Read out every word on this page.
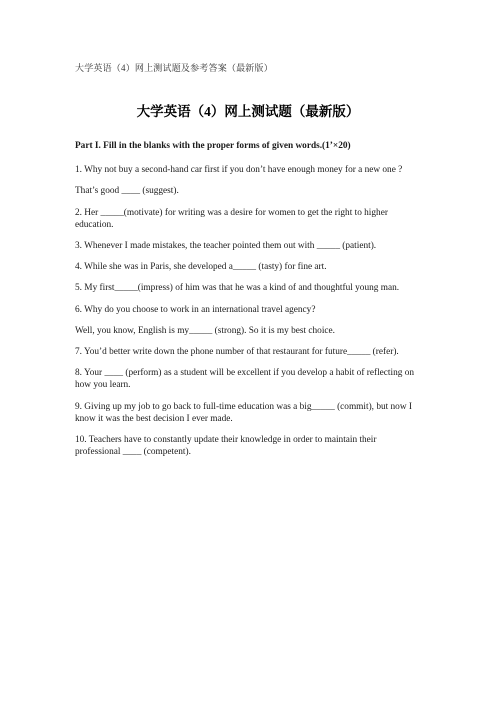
大学英语（4）网上测试题及参考答案（最新版）
大学英语（4）网上测试题（最新版）
Part I. Fill in the blanks with the proper forms of given words.(1’×20)
1. Why not buy a second-hand car first if you don’t have enough money for a new one ?
That’s good ____ (suggest).
2. Her _____(motivate) for writing was a desire for women to get the right to higher education.
3. Whenever I made mistakes, the teacher pointed them out with _____ (patient).
4. While she was in Paris, she developed a_____ (tasty) for fine art.
5. My first_____(impress) of him was that he was a kind of and thoughtful young man.
6. Why do you choose to work in an international travel agency?
Well, you know, English is my_____ (strong). So it is my best choice.
7. You’d better write down the phone number of that restaurant for future_____ (refer).
8. Your ____ (perform) as a student will be excellent if you develop a habit of reflecting on how you learn.
9. Giving up my job to go back to full-time education was a big_____ (commit), but now I know it was the best decision I ever made.
10. Teachers have to constantly update their knowledge in order to maintain their professional ____ (competent).
